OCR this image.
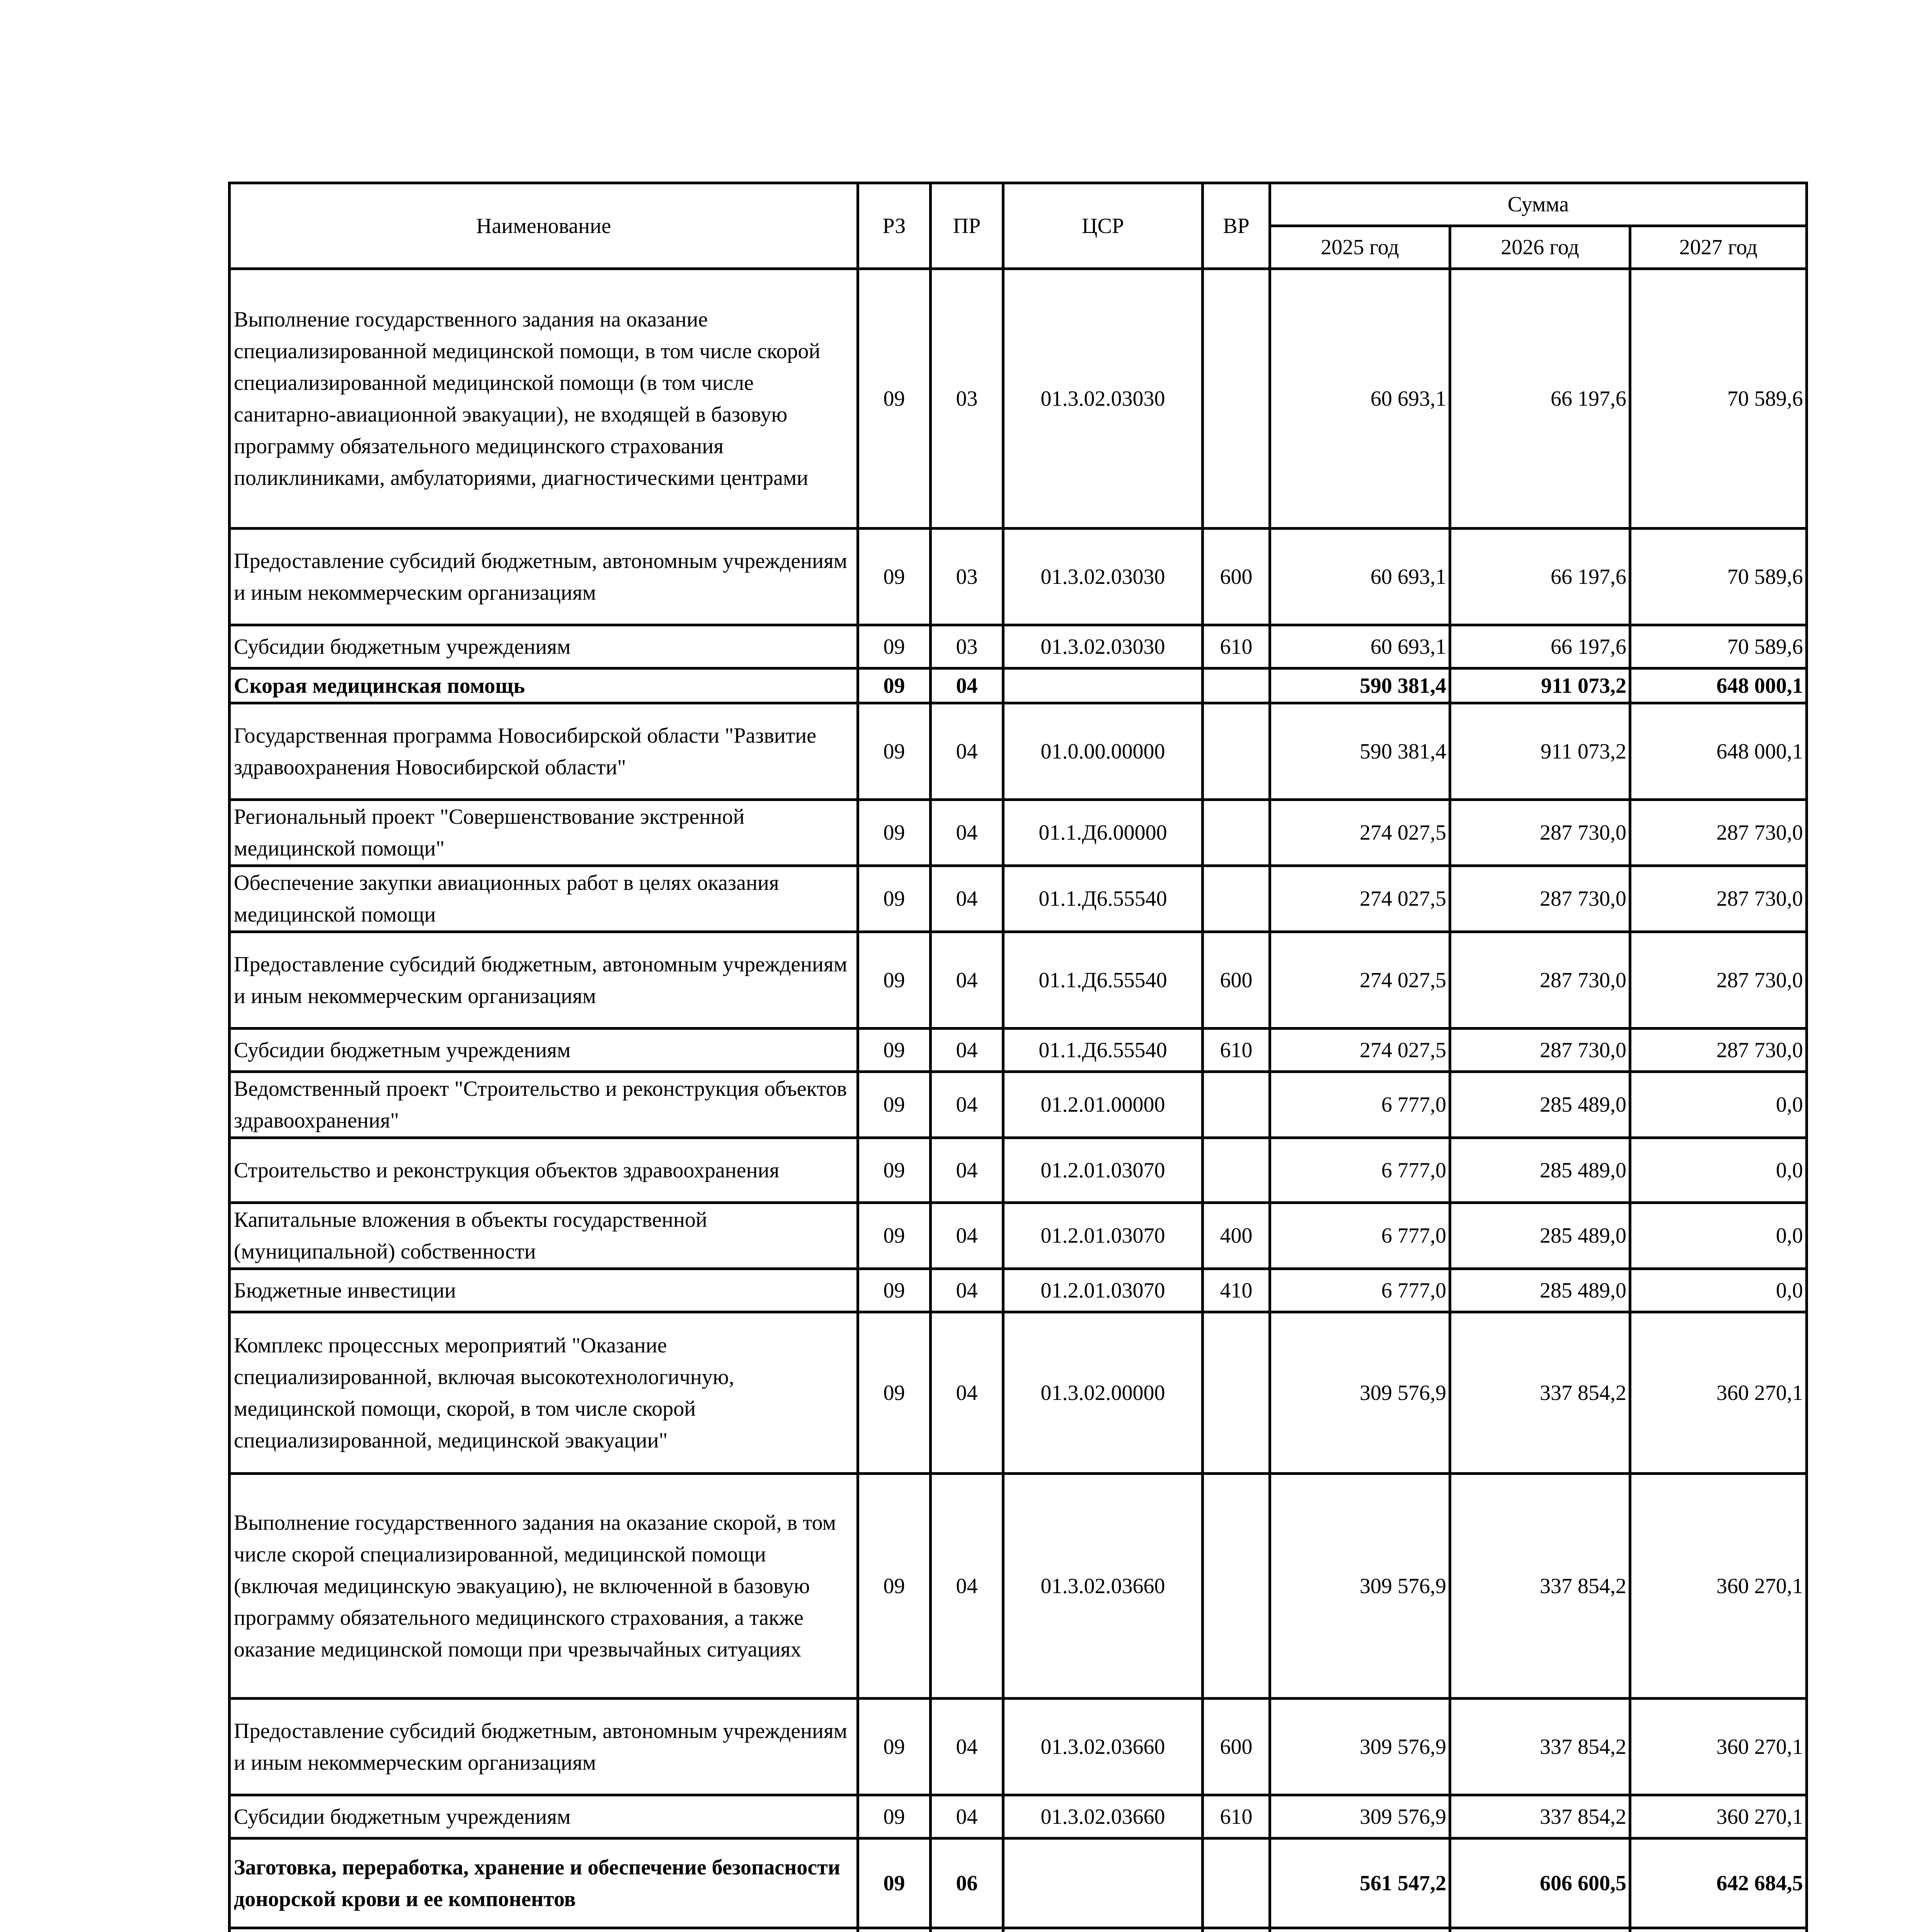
Наименование	РЗ	ПР	ЦСР	ВР	Сумма		
					2025 год	2026 год	2027 год
Выполнение государственного задания на оказание специализированной медицинской помощи, в том числе скорой специализированной медицинской помощи (в том числе санитарно-авиационной эвакуации), не входящей в базовую программу обязательного медицинского страхования поликлиниками, амбулаториями, диагностическими центрами	09	03	01.3.02.03030		60 693,1	66 197,6	70 589,6
Предоставление субсидий бюджетным, автономным учреждениям и иным некоммерческим организациям	09	03	01.3.02.03030	600	60 693,1	66 197,6	70 589,6
Субсидии бюджетным учреждениям	09	03	01.3.02.03030	610	60 693,1	66 197,6	70 589,6
Скорая медицинская помощь	09	04			590 381,4	911 073,2	648 000,1
Государственная программа Новосибирской области "Развитие здравоохранения Новосибирской области"	09	04	01.0.00.00000		590 381,4	911 073,2	648 000,1
Региональный проект "Совершенствование экстренной медицинской помощи"	09	04	01.1.Д6.00000		274 027,5	287 730,0	287 730,0
Обеспечение закупки авиационных работ в целях оказания медицинской помощи	09	04	01.1.Д6.55540		274 027,5	287 730,0	287 730,0
Предоставление субсидий бюджетным, автономным учреждениям и иным некоммерческим организациям	09	04	01.1.Д6.55540	600	274 027,5	287 730,0	287 730,0
Субсидии бюджетным учреждениям	09	04	01.1.Д6.55540	610	274 027,5	287 730,0	287 730,0
Ведомственный проект "Строительство и реконструкция объектов здравоохранения"	09	04	01.2.01.00000		6 777,0	285 489,0	0,0
Строительство и реконструкция объектов здравоохранения	09	04	01.2.01.03070		6 777,0	285 489,0	0,0
Капитальные вложения в объекты государственной (муниципальной) собственности	09	04	01.2.01.03070	400	6 777,0	285 489,0	0,0
Бюджетные инвестиции	09	04	01.2.01.03070	410	6 777,0	285 489,0	0,0
Комплекс процессных мероприятий "Оказание специализированной, включая высокотехнологичную, медицинской помощи, скорой, в том числе скорой специализированной, медицинской эвакуации"	09	04	01.3.02.00000		309 576,9	337 854,2	360 270,1
Выполнение государственного задания на оказание скорой, в том числе скорой специализированной, медицинской помощи (включая медицинскую эвакуацию), не включенной в базовую программу обязательного медицинского страхования, а также оказание медицинской помощи при чрезвычайных ситуациях	09	04	01.3.02.03660		309 576,9	337 854,2	360 270,1
Предоставление субсидий бюджетным, автономным учреждениям и иным некоммерческим организациям	09	04	01.3.02.03660	600	309 576,9	337 854,2	360 270,1
Субсидии бюджетным учреждениям	09	04	01.3.02.03660	610	309 576,9	337 854,2	360 270,1
Заготовка, переработка, хранение и обеспечение безопасности донорской крови и ее компонентов	09	06			561 547,2	606 600,5	642 684,5
